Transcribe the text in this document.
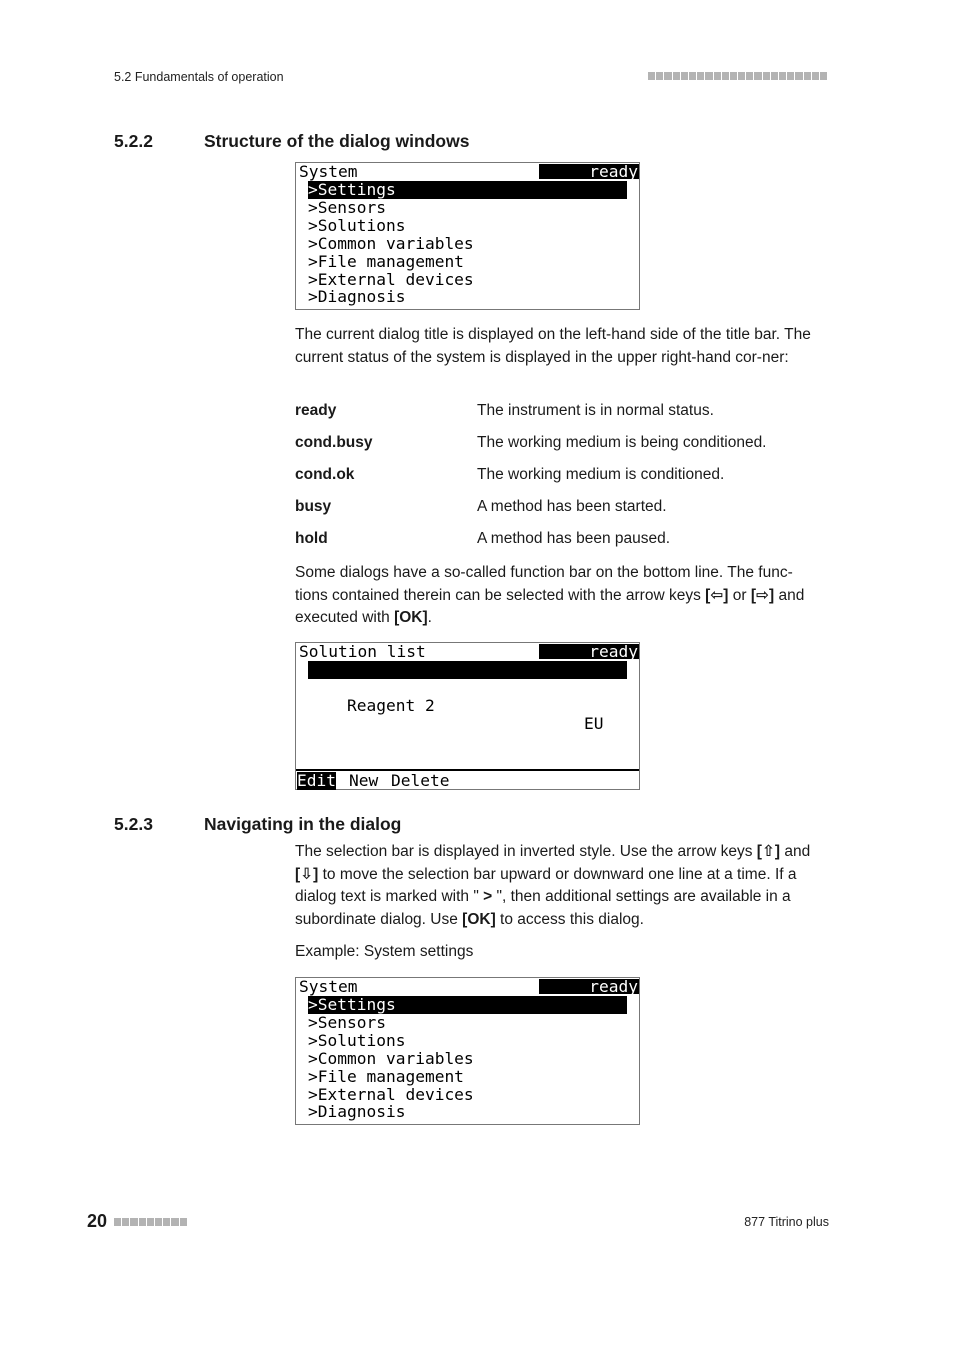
5.2 Fundamentals of operation
5.2.2	Structure of the dialog windows
System	ready
>Settings
>Sensors
>Solutions
>Common variables
>File management
>External devices
>Diagnosis
The current dialog title is displayed on the left-hand side of the title bar. The current status of the system is displayed in the upper right-hand cor-ner:
ready	The instrument is in normal status.
cond.busy	The working medium is being conditioned.
cond.ok	The working medium is conditioned.
busy	A method has been started.
hold	A method has been paused.
Some dialogs have a so-called function bar on the bottom line. The func-tions contained therein can be selected with the arrow keys [⇦] or [⇨] and executed with [OK].
Solution list	ready

Reagent 1

*IEU

Reagent 2

EU

Edit New Delete
5.2.3	Navigating in the dialog
The selection bar is displayed in inverted style. Use the arrow keys [⇧] and [⇩] to move the selection bar upward or downward one line at a time. If a dialog text is marked with " > ", then additional settings are available in a subordinate dialog. Use [OK] to access this dialog.
Example: System settings
System	ready
>Settings
>Sensors
>Solutions
>Common variables
>File management
>External devices
>Diagnosis
20	877 Titrino plus
